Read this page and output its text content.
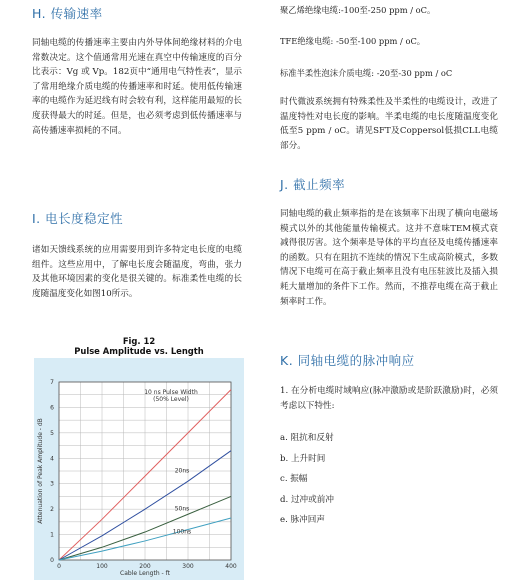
H. 传输速率

同轴电缆的传播速率主要由内外导体间绝缘材料的介电常数决定。这个值通常用光速在真空中传输速度的百分比表示：Vg 或 Vp。182页中“通用电气特性表”，显示了常用绝缘介质电缆的传播速率和时延。使用低传输速率的电缆作为延迟线有时会较有利，这样能用最短的长度获得最大的时延。但是，也必须考虑到低传播速率与高传播速率损耗的不同。

I. 电长度稳定性

诸如天馈线系统的应用需要用到许多特定电长度的电缆组件。这些应用中，了解电长度会随温度，弯曲，张力及其他环境因素的变化是很关键的。标准柔性电缆的长度随温度变化如图10所示。

Fig. 12
Pulse Amplitude vs. Length
0	100	200	300	400
0
1
2
3
4
5
6
7
20ns
50ns
100ns
10 ns Pulse Width
(50% Level)
Cable Length - ft
Attenuation of Peak Amplitude - dB

聚乙烯绝缘电缆:-100至-250 ppm / oC。

TFE绝缘电缆: -50至-100 ppm / oC。

标准半柔性泡沫介质电缆: -20至-30 ppm / oC

时代微波系统拥有特殊柔性及半柔性的电缆设计，改进了温度特性对电长度的影响。半柔电缆的电长度随温度变化低至5 ppm / oC。请见SFT及Coppersol低损CLL电缆部分。

J. 截止频率

同轴电缆的截止频率指的是在该频率下出现了横向电磁场模式以外的其他能量传输模式。这并不意味TEM模式衰减得很厉害。这个频率是导体的平均直径及电缆传播速率的函数。只有在阻抗不连续的情况下生成高阶模式，多数情况下电缆可在高于截止频率且没有电压驻波比及插入损耗大量增加的条件下工作。然而，不推荐电缆在高于截止频率时工作。

K. 同轴电缆的脉冲响应

1. 在分析电缆时域响应(脉冲激励或是阶跃激励)时，必须考虑以下特性:

a. 阻抗和反射
b. 上升时间
c. 振幅
d. 过冲或前冲
e. 脉冲回声
